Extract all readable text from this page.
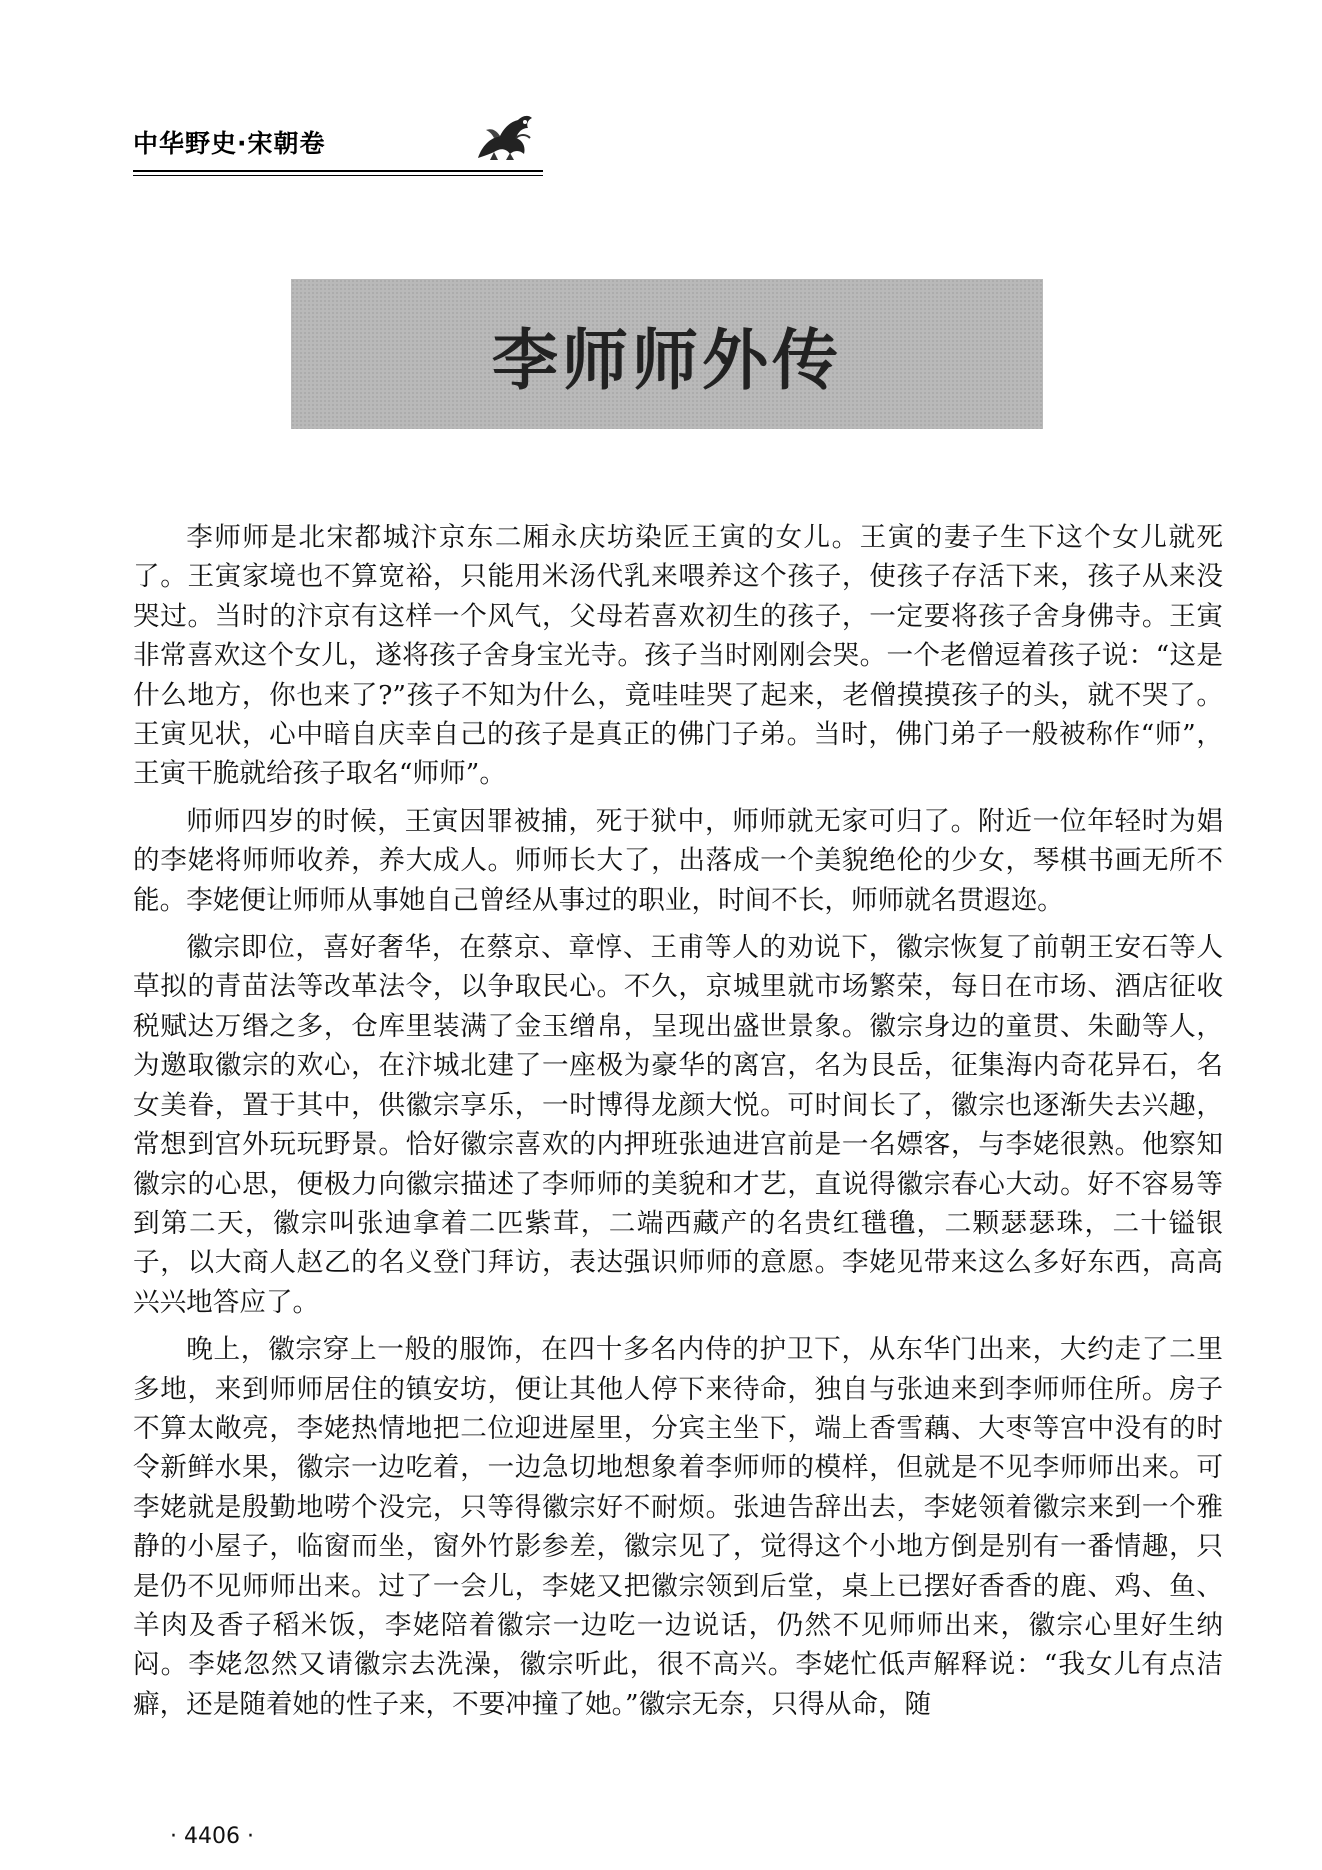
中华野史·宋朝卷
李师师外传

李师师是北宋都城汴京东二厢永庆坊染匠王寅的女儿。王寅的妻子生下这个女儿就死了。王寅家境也不算宽裕，只能用米汤代乳来喂养这个孩子，使孩子存活下来，孩子从来没哭过。当时的汴京有这样一个风气，父母若喜欢初生的孩子，一定要将孩子舍身佛寺。王寅非常喜欢这个女儿，遂将孩子舍身宝光寺。孩子当时刚刚会哭。一个老僧逗着孩子说：“这是什么地方，你也来了?”孩子不知为什么，竟哇哇哭了起来，老僧摸摸孩子的头，就不哭了。王寅见状，心中暗自庆幸自己的孩子是真正的佛门子弟。当时，佛门弟子一般被称作“师”，王寅干脆就给孩子取名“师师”。

师师四岁的时候，王寅因罪被捕，死于狱中，师师就无家可归了。附近一位年轻时为娼的李姥将师师收养，养大成人。师师长大了，出落成一个美貌绝伦的少女，琴棋书画无所不能。李姥便让师师从事她自己曾经从事过的职业，时间不长，师师就名贯遐迩。

徽宗即位，喜好奢华，在蔡京、章惇、王甫等人的劝说下，徽宗恢复了前朝王安石等人草拟的青苗法等改革法令，以争取民心。不久，京城里就市场繁荣，每日在市场、酒店征收税赋达万缗之多，仓库里装满了金玉缯帛，呈现出盛世景象。徽宗身边的童贯、朱勔等人，为邀取徽宗的欢心，在汴城北建了一座极为豪华的离宫，名为艮岳，征集海内奇花异石，名女美眷，置于其中，供徽宗享乐，一时博得龙颜大悦。可时间长了，徽宗也逐渐失去兴趣，常想到宫外玩玩野景。恰好徽宗喜欢的内押班张迪进宫前是一名嫖客，与李姥很熟。他察知徽宗的心思，便极力向徽宗描述了李师师的美貌和才艺，直说得徽宗春心大动。好不容易等到第二天，徽宗叫张迪拿着二匹紫茸，二端西藏产的名贵红氆氇，二颗瑟瑟珠，二十镒银子，以大商人赵乙的名义登门拜访，表达强识师师的意愿。李姥见带来这么多好东西，高高兴兴地答应了。

晚上，徽宗穿上一般的服饰，在四十多名内侍的护卫下，从东华门出来，大约走了二里多地，来到师师居住的镇安坊，便让其他人停下来待命，独自与张迪来到李师师住所。房子不算太敞亮，李姥热情地把二位迎进屋里，分宾主坐下，端上香雪藕、大枣等宫中没有的时令新鲜水果，徽宗一边吃着，一边急切地想象着李师师的模样，但就是不见李师师出来。可李姥就是殷勤地唠个没完，只等得徽宗好不耐烦。张迪告辞出去，李姥领着徽宗来到一个雅静的小屋子，临窗而坐，窗外竹影参差，徽宗见了，觉得这个小地方倒是别有一番情趣，只是仍不见师师出来。过了一会儿，李姥又把徽宗领到后堂，桌上已摆好香香的鹿、鸡、鱼、羊肉及香子稻米饭，李姥陪着徽宗一边吃一边说话，仍然不见师师出来，徽宗心里好生纳闷。李姥忽然又请徽宗去洗澡，徽宗听此，很不高兴。李姥忙低声解释说：“我女儿有点洁癖，还是随着她的性子来，不要冲撞了她。”徽宗无奈，只得从命，随

· 4406 ·
